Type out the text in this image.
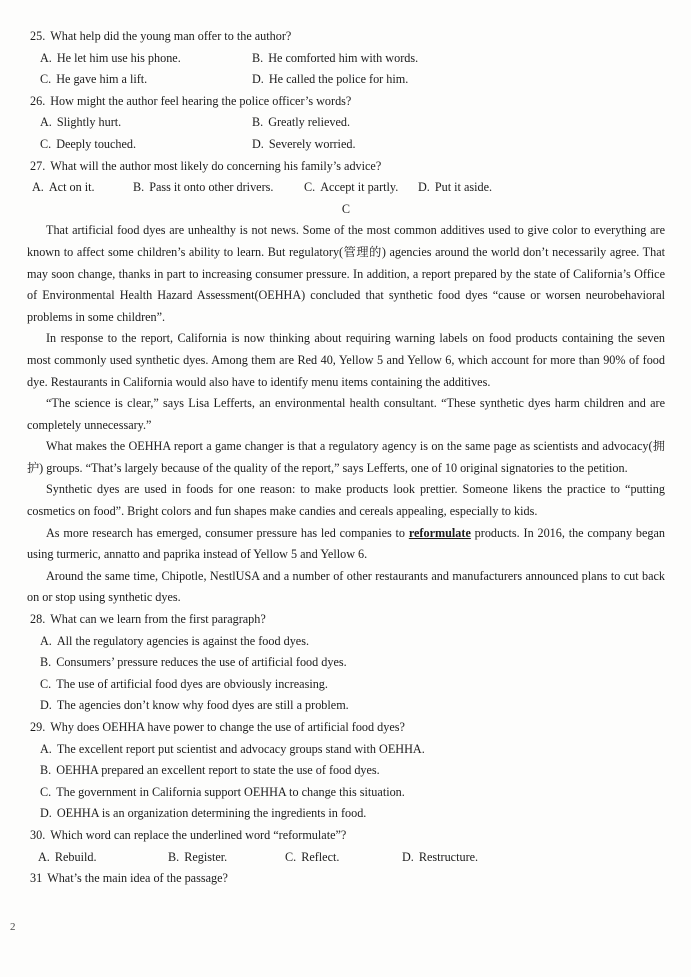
25. What help did the young man offer to the author?
A. He let him use his phone.	B. He comforted him with words.
C. He gave him a lift.	D. He called the police for him.
26. How might the author feel hearing the police officer’s words?
A. Slightly hurt.	B. Greatly relieved.
C. Deeply touched.	D. Severely worried.
27. What will the author most likely do concerning his family’s advice?
A. Act on it.	B. Pass it onto other drivers.	C. Accept it partly.	D. Put it aside.
C

That artificial food dyes are unhealthy is not news. Some of the most common additives used to give color to everything are known to affect some children’s ability to learn. But regulatory(管理的) agencies around the world don’t necessarily agree. That may soon change, thanks in part to increasing consumer pressure. In addition, a report prepared by the state of California’s Office of Environmental Health Hazard Assessment(OEHHA) concluded that synthetic food dyes “cause or worsen neurobehavioral problems in some children”.

In response to the report, California is now thinking about requiring warning labels on food products containing the seven most commonly used synthetic dyes. Among them are Red 40, Yellow 5 and Yellow 6, which account for more than 90% of food dye. Restaurants in California would also have to identify menu items containing the additives.

“The science is clear,” says Lisa Lefferts, an environmental health consultant. “These synthetic dyes harm children and are completely unnecessary.”

What makes the OEHHA report a game changer is that a regulatory agency is on the same page as scientists and advocacy(拥护) groups. “That’s largely because of the quality of the report,” says Lefferts, one of 10 original signatories to the petition.

Synthetic dyes are used in foods for one reason: to make products look prettier. Someone likens the practice to “putting cosmetics on food”. Bright colors and fun shapes make candies and cereals appealing, especially to kids.

As more research has emerged, consumer pressure has led companies to reformulate products. In 2016, the company began using turmeric, annatto and paprika instead of Yellow 5 and Yellow 6.

Around the same time, Chipotle, NestlUSA and a number of other restaurants and manufacturers announced plans to cut back on or stop using synthetic dyes.

28. What can we learn from the first paragraph?
A. All the regulatory agencies is against the food dyes.
B. Consumers’ pressure reduces the use of artificial food dyes.
C. The use of artificial food dyes are obviously increasing.
D. The agencies don’t know why food dyes are still a problem.
29. Why does OEHHA have power to change the use of artificial food dyes?
A. The excellent report put scientist and advocacy groups stand with OEHHA.
B. OEHHA prepared an excellent report to state the use of food dyes.
C. The government in California support OEHHA to change this situation.
D. OEHHA is an organization determining the ingredients in food.
30. Which word can replace the underlined word “reformulate”?
A. Rebuild.	B. Register.	C. Reflect.	D. Restructure.
31 What’s the main idea of the passage?
2
